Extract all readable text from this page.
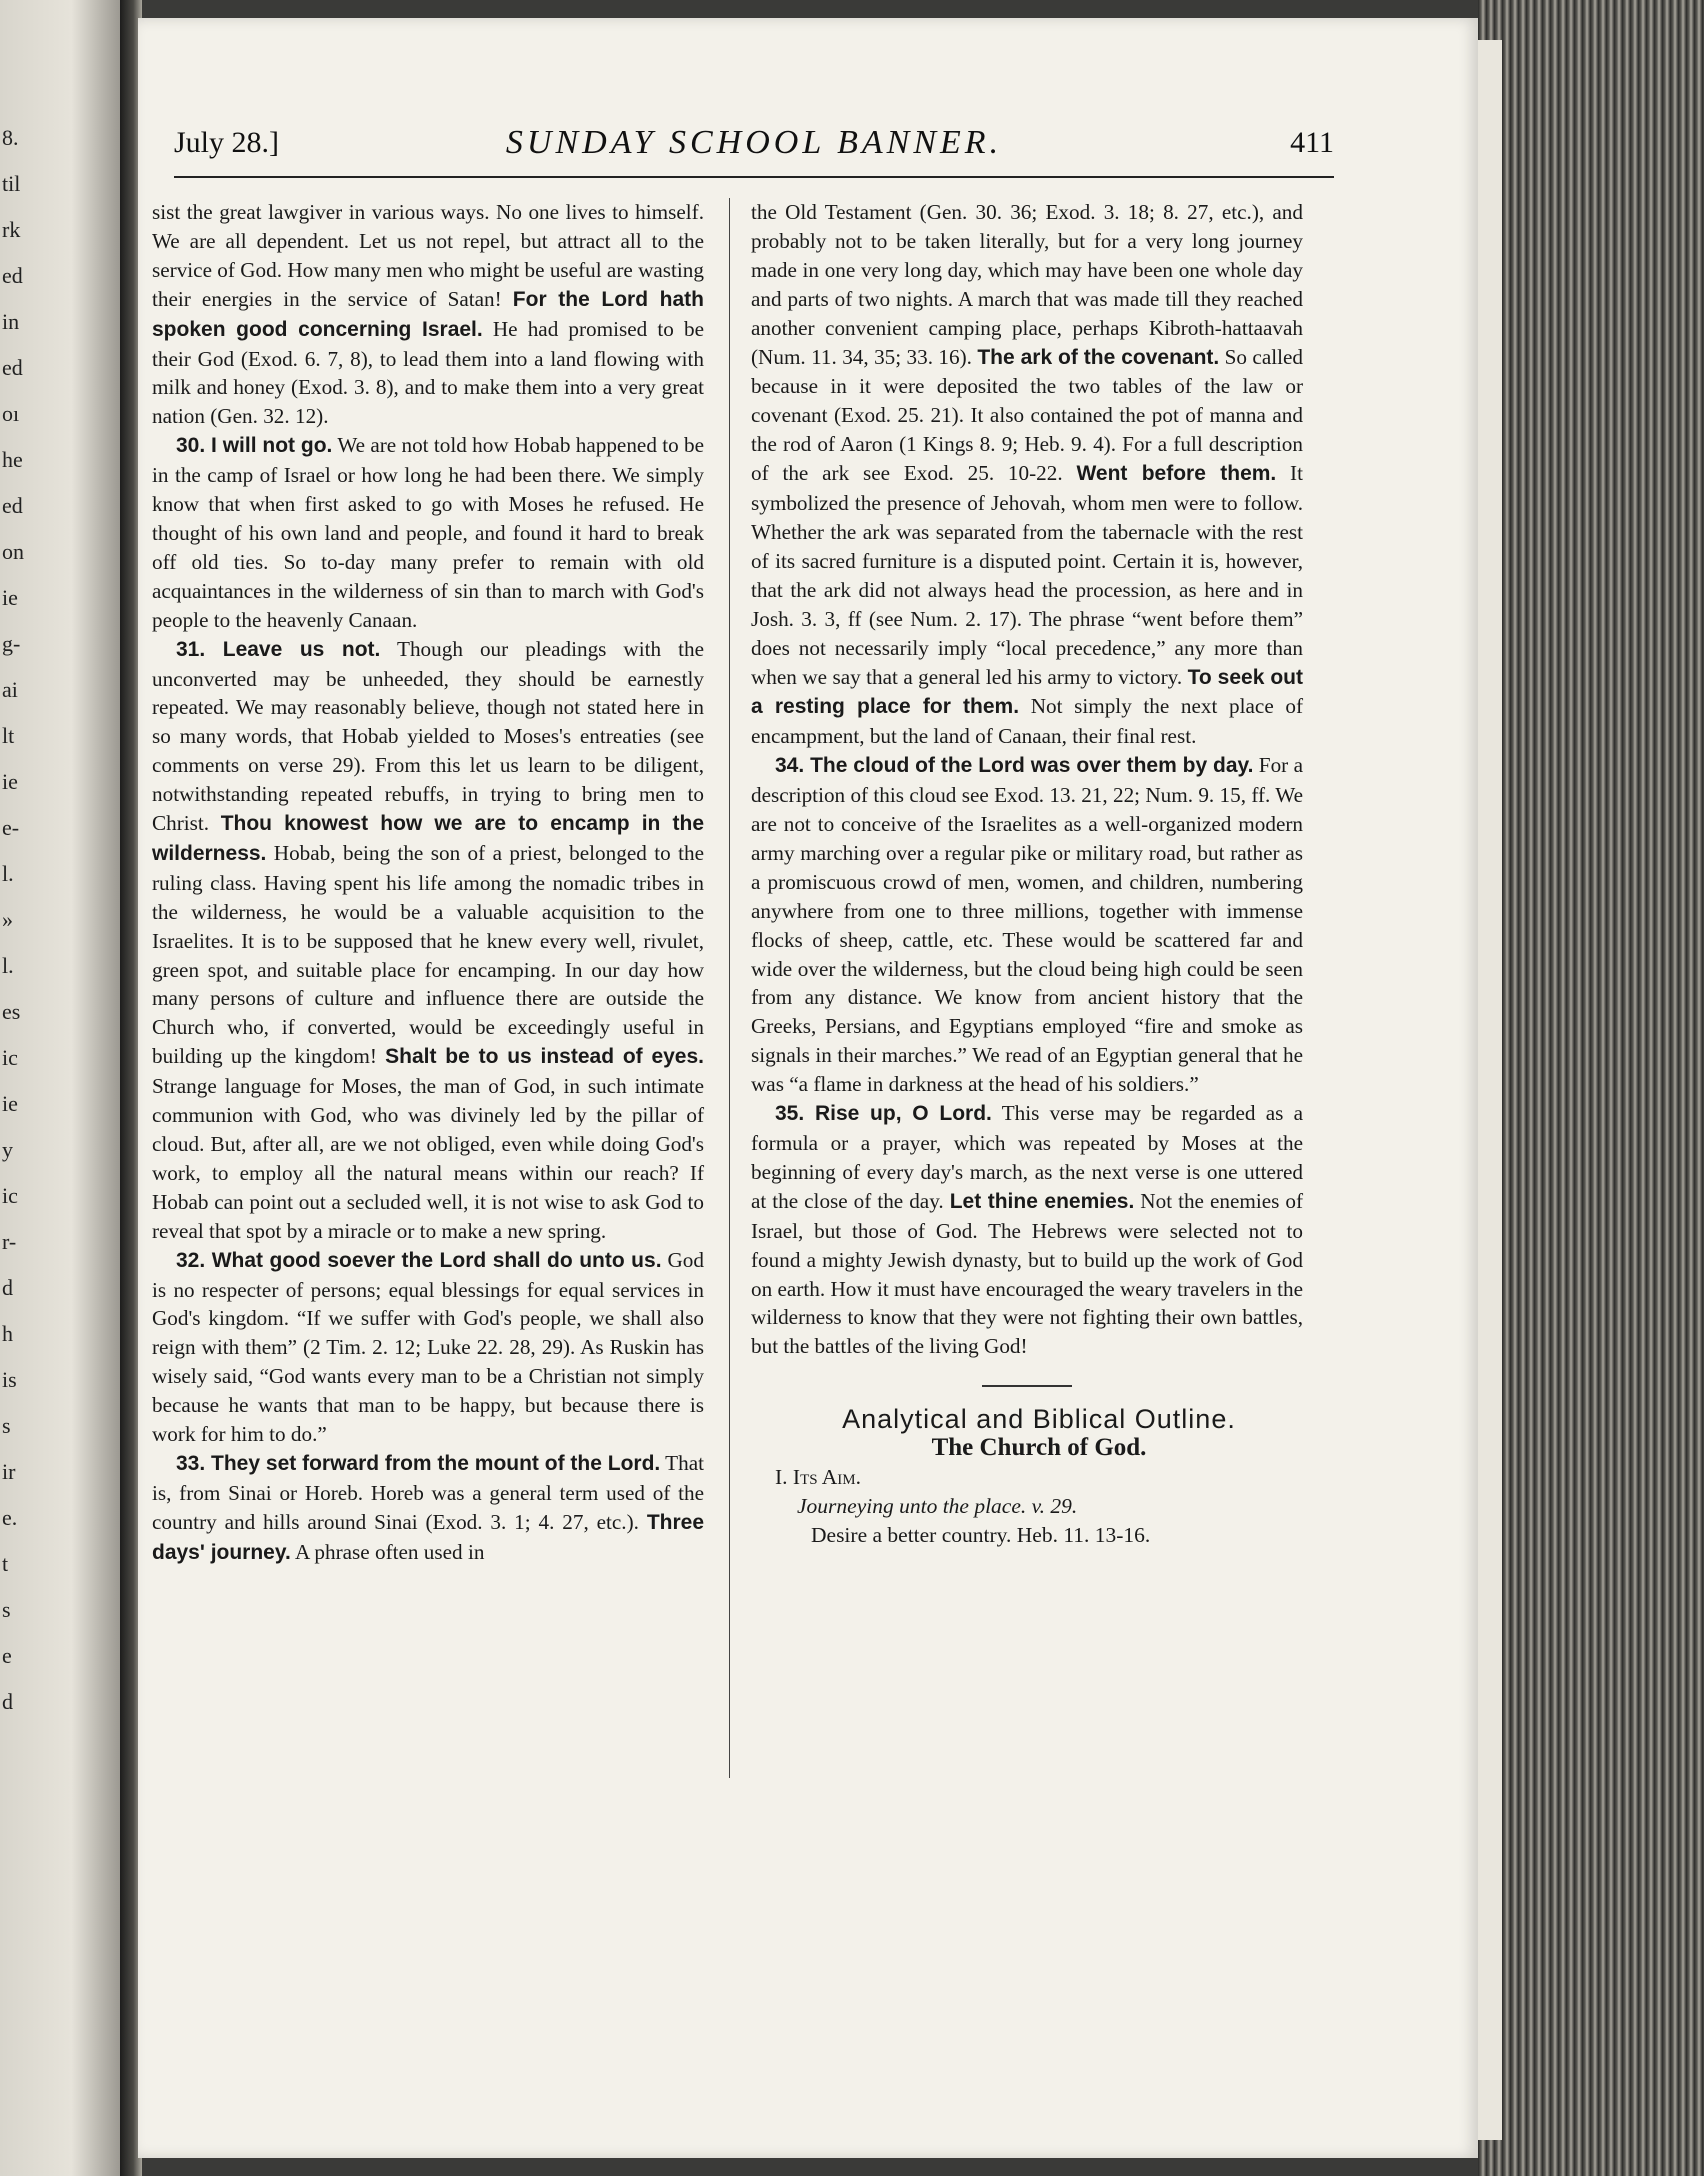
8.
til
rk
ed
in
ed
oı
he
ed
on
ie
g-
ai
lt
ie
e-
l.
»
l.
es
ic
ie
y
ic
r-
d
h
is
s
ir
e.
t
s
e
d
July 28.]	SUNDAY SCHOOL BANNER.	411

sist the great lawgiver in various ways. No one lives to himself. We are all dependent. Let us not repel, but attract all to the service of God. How many men who might be useful are wasting their energies in the service of Satan! For the Lord hath spoken good concerning Israel. He had promised to be their God (Exod. 6. 7, 8), to lead them into a land flowing with milk and honey (Exod. 3. 8), and to make them into a very great nation (Gen. 32. 12).

30. I will not go. We are not told how Hobab happened to be in the camp of Israel or how long he had been there. We simply know that when first asked to go with Moses he refused. He thought of his own land and people, and found it hard to break off old ties. So to-day many prefer to remain with old acquaintances in the wilderness of sin than to march with God's people to the heavenly Canaan.

31. Leave us not. Though our pleadings with the unconverted may be unheeded, they should be earnestly repeated. We may reasonably believe, though not stated here in so many words, that Hobab yielded to Moses's entreaties (see comments on verse 29). From this let us learn to be diligent, notwithstanding repeated rebuffs, in trying to bring men to Christ. Thou knowest how we are to encamp in the wilderness. Hobab, being the son of a priest, belonged to the ruling class. Having spent his life among the nomadic tribes in the wilderness, he would be a valuable acquisition to the Israelites. It is to be supposed that he knew every well, rivulet, green spot, and suitable place for encamping. In our day how many persons of culture and influence there are outside the Church who, if converted, would be exceedingly useful in building up the kingdom! Shalt be to us instead of eyes. Strange language for Moses, the man of God, in such intimate communion with God, who was divinely led by the pillar of cloud. But, after all, are we not obliged, even while doing God's work, to employ all the natural means within our reach? If Hobab can point out a secluded well, it is not wise to ask God to reveal that spot by a miracle or to make a new spring.

32. What good soever the Lord shall do unto us. God is no respecter of persons; equal blessings for equal services in God's kingdom. “If we suffer with God's people, we shall also reign with them” (2 Tim. 2. 12; Luke 22. 28, 29). As Ruskin has wisely said, “God wants every man to be a Christian not simply because he wants that man to be happy, but because there is work for him to do.”

33. They set forward from the mount of the Lord. That is, from Sinai or Horeb. Horeb was a general term used of the country and hills around Sinai (Exod. 3. 1; 4. 27, etc.). Three days' journey. A phrase often used in

the Old Testament (Gen. 30. 36; Exod. 3. 18; 8. 27, etc.), and probably not to be taken literally, but for a very long journey made in one very long day, which may have been one whole day and parts of two nights. A march that was made till they reached another convenient camping place, perhaps Kibroth-hattaavah (Num. 11. 34, 35; 33. 16). The ark of the covenant. So called because in it were deposited the two tables of the law or covenant (Exod. 25. 21). It also contained the pot of manna and the rod of Aaron (1 Kings 8. 9; Heb. 9. 4). For a full description of the ark see Exod. 25. 10-22. Went before them. It symbolized the presence of Jehovah, whom men were to follow. Whether the ark was separated from the tabernacle with the rest of its sacred furniture is a disputed point. Certain it is, however, that the ark did not always head the procession, as here and in Josh. 3. 3, ff (see Num. 2. 17). The phrase “went before them” does not necessarily imply “local precedence,” any more than when we say that a general led his army to victory. To seek out a resting place for them. Not simply the next place of encampment, but the land of Canaan, their final rest.

34. The cloud of the Lord was over them by day. For a description of this cloud see Exod. 13. 21, 22; Num. 9. 15, ff. We are not to conceive of the Israelites as a well-organized modern army marching over a regular pike or military road, but rather as a promiscuous crowd of men, women, and children, numbering anywhere from one to three millions, together with immense flocks of sheep, cattle, etc. These would be scattered far and wide over the wilderness, but the cloud being high could be seen from any distance. We know from ancient history that the Greeks, Persians, and Egyptians employed “fire and smoke as signals in their marches.” We read of an Egyptian general that he was “a flame in darkness at the head of his soldiers.”

35. Rise up, O Lord. This verse may be regarded as a formula or a prayer, which was repeated by Moses at the beginning of every day's march, as the next verse is one uttered at the close of the day. Let thine enemies. Not the enemies of Israel, but those of God. The Hebrews were selected not to found a mighty Jewish dynasty, but to build up the work of God on earth. How it must have encouraged the weary travelers in the wilderness to know that they were not fighting their own battles, but the battles of the living God!

Analytical and Biblical Outline.

The Church of God.

I. Its Aim.

Journeying unto the place. v. 29.

Desire a better country. Heb. 11. 13-16.
